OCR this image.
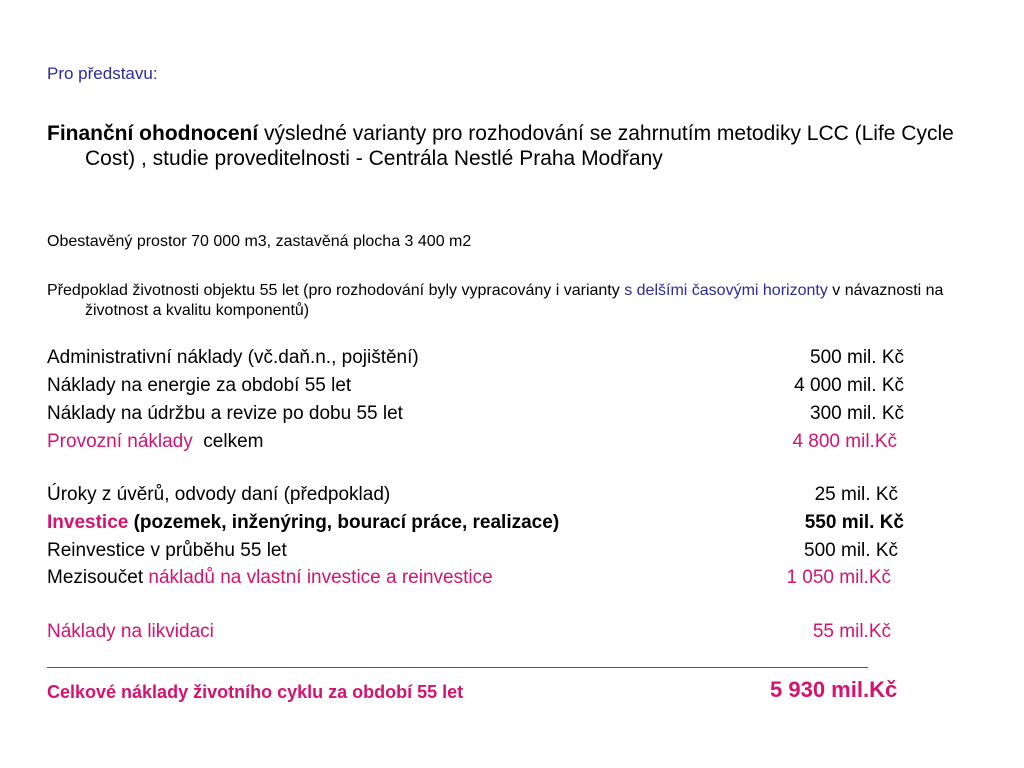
Pro představu:
Finanční ohodnocení výsledné varianty pro rozhodování se zahrnutím metodiky LCC (Life Cycle Cost) , studie proveditelnosti - Centrála Nestlé Praha Modřany
Obestavěný prostor 70 000 m3, zastavěná plocha 3 400 m2
Předpoklad životnosti objektu 55 let (pro rozhodování byly vypracovány i varianty s delšími časovými horizonty v návaznosti na životnost a kvalitu komponentů)
Administrativní náklady (vč.daň.n., pojištění)	500 mil. Kč
Náklady na energie za období 55 let	4 000 mil. Kč
Náklady na údržbu a revize po dobu 55 let	300 mil. Kč
Provozní náklady  celkem	4 800 mil.Kč
Úroky z úvěrů, odvody daní (předpoklad)	25 mil. Kč
Investice (pozemek, inženýring, bourací práce, realizace)	550 mil. Kč
Reinvestice v průběhu 55 let	500 mil. Kč
Mezisoučet nákladů na vlastní investice a reinvestice	1 050 mil.Kč
Náklady na likvidaci	55 mil.Kč
Celkové náklady životního cyklu za období 55 let	5 930 mil.Kč
